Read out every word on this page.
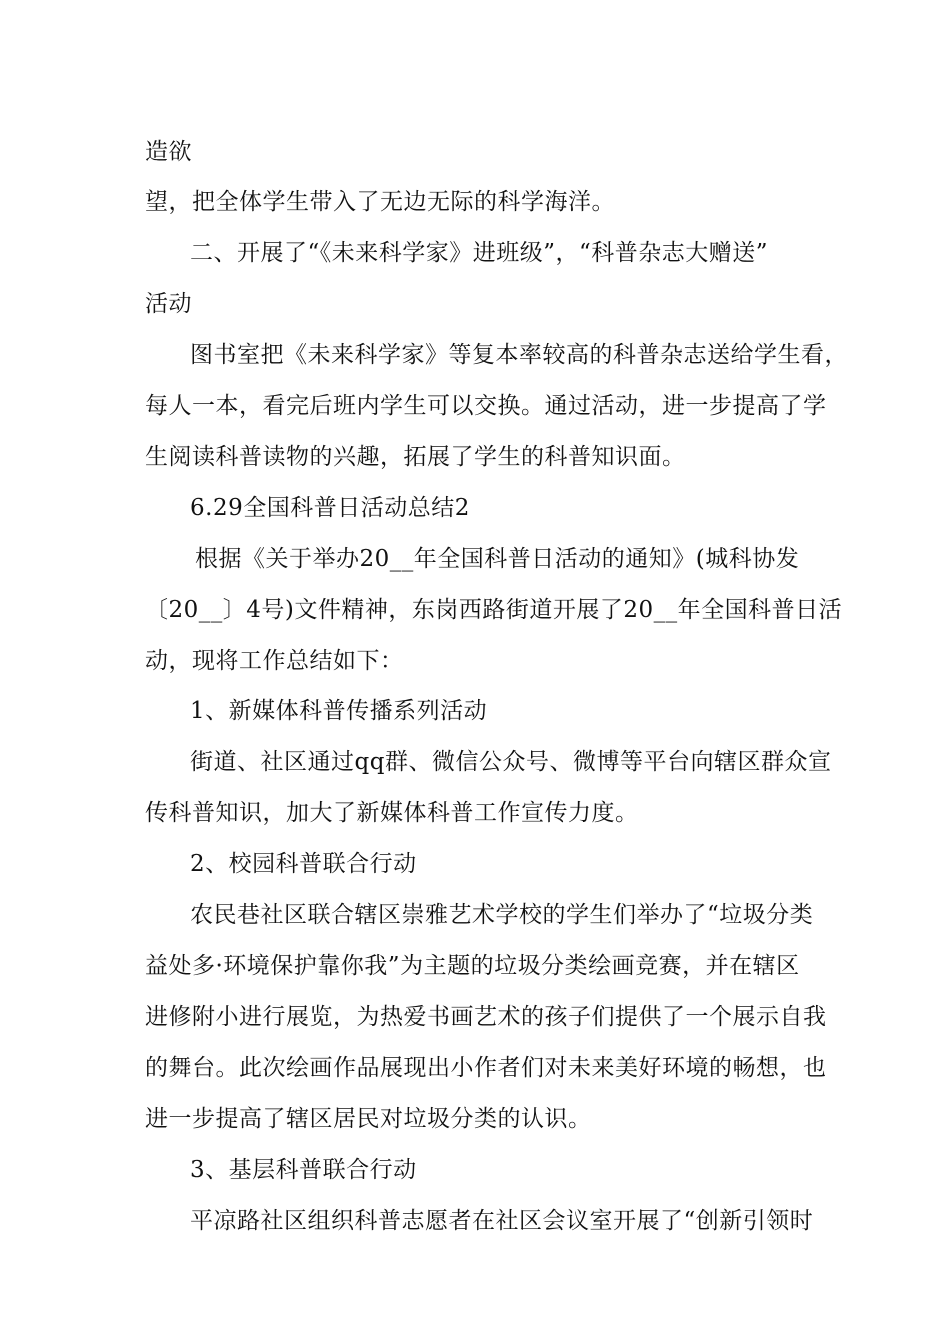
造欲
望，把全体学生带入了无边无际的科学海洋。
二、开展了“《未来科学家》进班级”，“科普杂志大赠送”
活动
图书室把《未来科学家》等复本率较高的科普杂志送给学生看，
每人一本，看完后班内学生可以交换。通过活动，进一步提高了学
生阅读科普读物的兴趣，拓展了学生的科普知识面。
6.29全国科普日活动总结2
根据《关于举办20__年全国科普日活动的通知》(城科协发
〔20__〕4号)文件精神，东岗西路街道开展了20__年全国科普日活
动，现将工作总结如下：
1、新媒体科普传播系列活动
街道、社区通过qq群、微信公众号、微博等平台向辖区群众宣
传科普知识，加大了新媒体科普工作宣传力度。
2、校园科普联合行动
农民巷社区联合辖区崇雅艺术学校的学生们举办了“垃圾分类
益处多·环境保护靠你我”为主题的垃圾分类绘画竞赛，并在辖区
进修附小进行展览，为热爱书画艺术的孩子们提供了一个展示自我
的舞台。此次绘画作品展现出小作者们对未来美好环境的畅想，也
进一步提高了辖区居民对垃圾分类的认识。
3、基层科普联合行动
平凉路社区组织科普志愿者在社区会议室开展了“创新引领时
